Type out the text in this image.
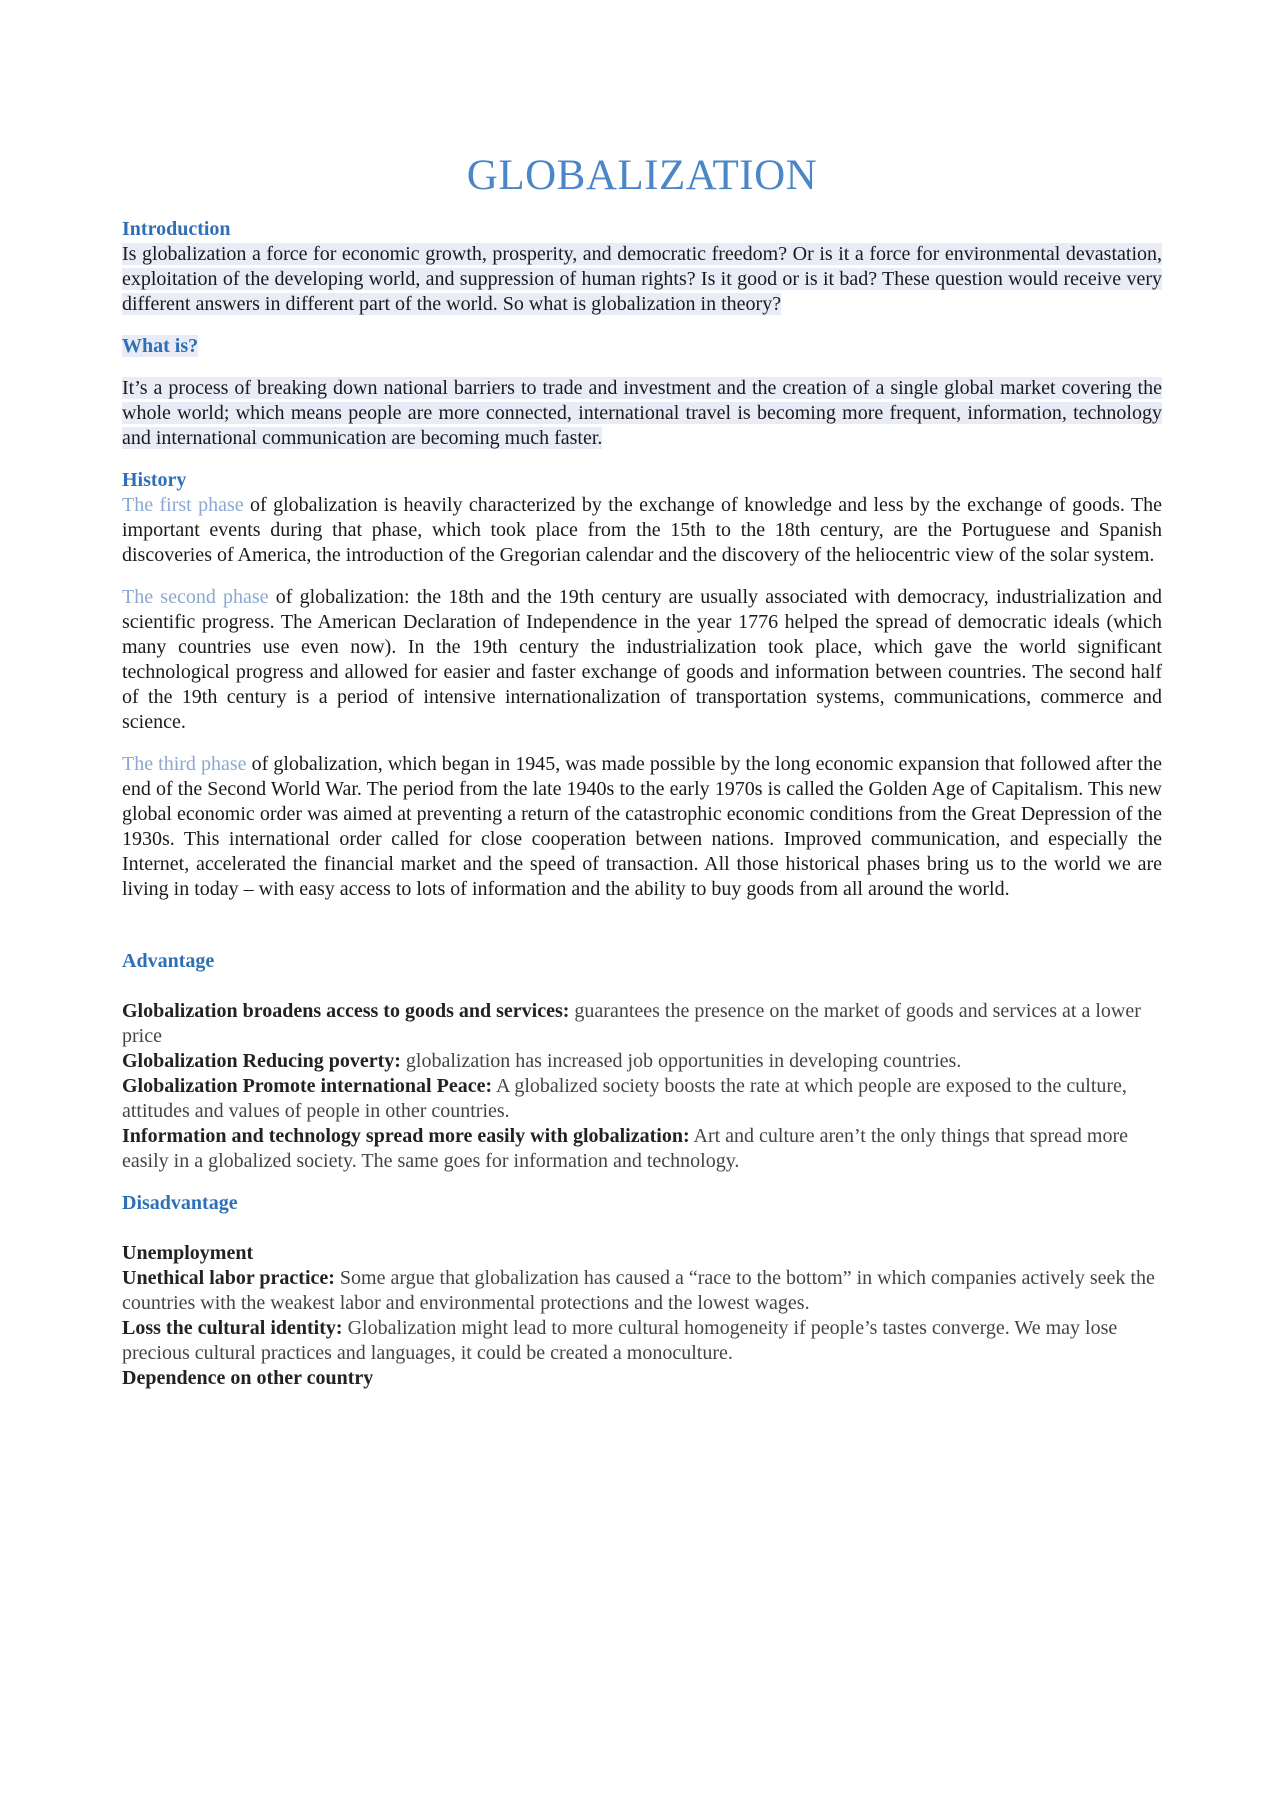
GLOBALIZATION
Introduction

Is globalization a force for economic growth, prosperity, and democratic freedom? Or is it a force for environmental devastation, exploitation of the developing world, and suppression of human rights? Is it good or is it bad? These question would receive very different answers in different part of the world. So what is globalization in theory?

What is?

It’s a process of breaking down national barriers to trade and investment and the creation of a single global market covering the whole world; which means people are more connected, international travel is becoming more frequent, information, technology and international communication are becoming much faster.

History

The first phase of globalization is heavily characterized by the exchange of knowledge and less by the exchange of goods. The important events during that phase, which took place from the 15th to the 18th century, are the Portuguese and Spanish discoveries of America, the introduction of the Gregorian calendar and the discovery of the heliocentric view of the solar system.

The second phase of globalization: the 18th and the 19th century are usually associated with democracy, industrialization and scientific progress. The American Declaration of Independence in the year 1776 helped the spread of democratic ideals (which many countries use even now). In the 19th century the industrialization took place, which gave the world significant technological progress and allowed for easier and faster exchange of goods and information between countries. The second half of the 19th century is a period of intensive internationalization of transportation systems, communications, commerce and science.

The third phase of globalization, which began in 1945, was made possible by the long economic expansion that followed after the end of the Second World War. The period from the late 1940s to the early 1970s is called the Golden Age of Capitalism. This new global economic order was aimed at preventing a return of the catastrophic economic conditions from the Great Depression of the 1930s. This international order called for close cooperation between nations. Improved communication, and especially the Internet, accelerated the financial market and the speed of transaction. All those historical phases bring us to the world we are living in today – with easy access to lots of information and the ability to buy goods from all around the world.

Advantage

Globalization broadens access to goods and services: guarantees the presence on the market of goods and services at a lower price

Globalization Reducing poverty: globalization has increased job opportunities in developing countries.

Globalization Promote international Peace: A globalized society boosts the rate at which people are exposed to the culture, attitudes and values of people in other countries.

Information and technology spread more easily with globalization: Art and culture aren’t the only things that spread more easily in a globalized society. The same goes for information and technology.

Disadvantage

Unemployment

Unethical labor practice: Some argue that globalization has caused a “race to the bottom” in which companies actively seek the countries with the weakest labor and environmental protections and the lowest wages.

Loss the cultural identity: Globalization might lead to more cultural homogeneity if people’s tastes converge. We may lose precious cultural practices and languages, it could be created a monoculture.

Dependence on other country
